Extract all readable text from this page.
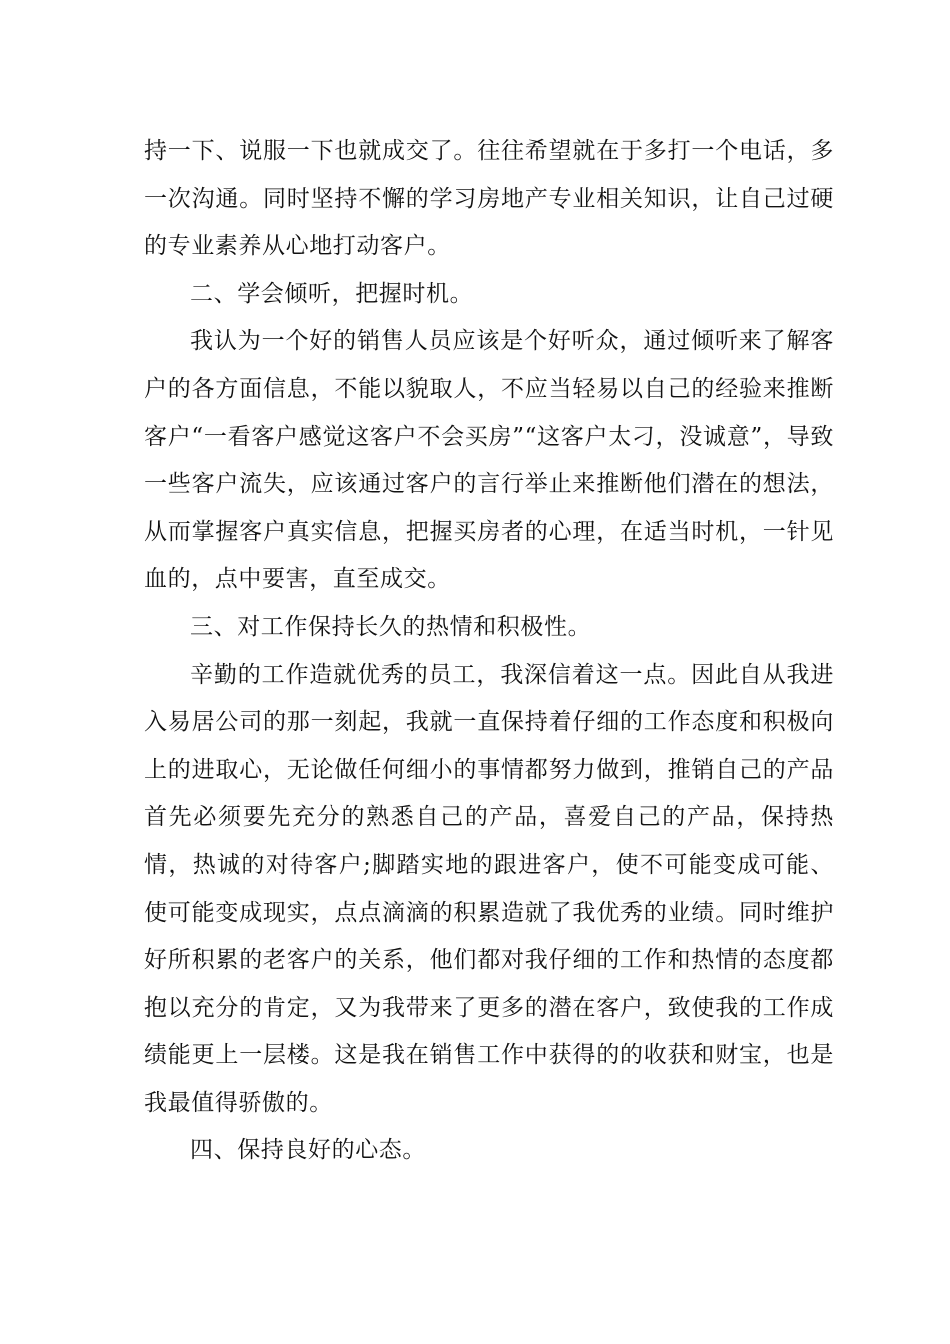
持一下、说服一下也就成交了。往往希望就在于多打一个电话，多一次沟通。同时坚持不懈的学习房地产专业相关知识，让自己过硬的专业素养从心地打动客户。

二、学会倾听，把握时机。

我认为一个好的销售人员应该是个好听众，通过倾听来了解客户的各方面信息，不能以貌取人，不应当轻易以自己的经验来推断客户“一看客户感觉这客户不会买房”“这客户太刁，没诚意”，导致一些客户流失，应该通过客户的言行举止来推断他们潜在的想法，从而掌握客户真实信息，把握买房者的心理，在适当时机，一针见血的，点中要害，直至成交。

三、对工作保持长久的热情和积极性。

辛勤的工作造就优秀的员工，我深信着这一点。因此自从我进入易居公司的那一刻起，我就一直保持着仔细的工作态度和积极向上的进取心，无论做任何细小的事情都努力做到，推销自己的产品首先必须要先充分的熟悉自己的产品，喜爱自己的产品，保持热情，热诚的对待客户;脚踏实地的跟进客户，使不可能变成可能、使可能变成现实，点点滴滴的积累造就了我优秀的业绩。同时维护好所积累的老客户的关系，他们都对我仔细的工作和热情的态度都抱以充分的肯定，又为我带来了更多的潜在客户，致使我的工作成绩能更上一层楼。这是我在销售工作中获得的的收获和财宝，也是我最值得骄傲的。

四、保持良好的心态。
